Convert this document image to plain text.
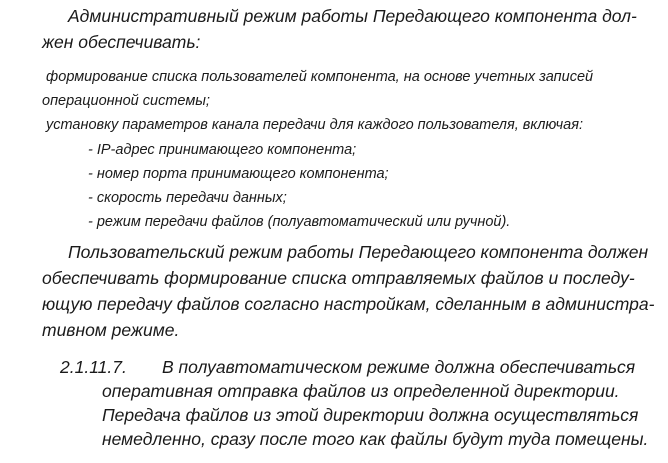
Административный режим работы Передающего компонента дол-
жен обеспечивать:
формирование списка пользователей компонента, на основе учетных записей
операционной системы;
установку параметров канала передачи для каждого пользователя, включая:
- IP-адрес принимающего компонента;
- номер порта принимающего компонента;
- скорость передачи данных;
- режим передачи файлов (полуавтоматический или ручной).
Пользовательский режим работы Передающего компонента должен
обеспечивать формирование списка отправляемых файлов и последу-
ющую передачу файлов согласно настройкам, сделанным в администра-
тивном режиме.
2.1.11.7. В полуавтоматическом режиме должна обеспечиваться
оперативная отправка файлов из определенной директории.
Передача файлов из этой директории должна осуществляться
немедленно, сразу после того как файлы будут туда помещены.
